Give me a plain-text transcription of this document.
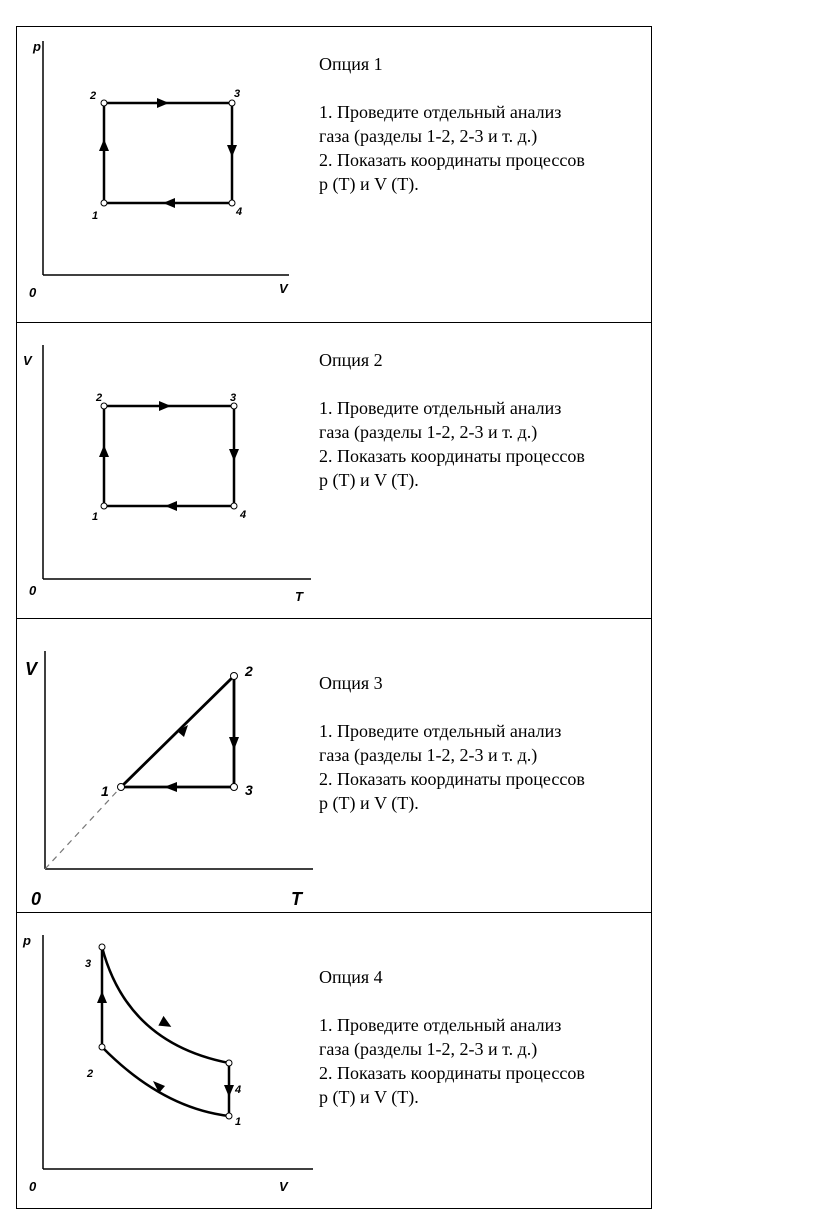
p
V
0
1
2	3
4

Опция 1

1. Проведите отдельный анализ

газа (разделы 1-2, 2-3 и т. д.)

2. Показать координаты процессов

p (T) и V (T).

V
T
0
1
2	3
4

Опция 2

1. Проведите отдельный анализ

газа (разделы 1-2, 2-3 и т. д.)

2. Показать координаты процессов

p (T) и V (T).

V
T
0
1
2
3

Опция 3

1. Проведите отдельный анализ

газа (разделы 1-2, 2-3 и т. д.)

2. Показать координаты процессов

p (T) и V (T).

p
V
0
1
2
3
4

Опция 4

1. Проведите отдельный анализ

газа (разделы 1-2, 2-3 и т. д.)

2. Показать координаты процессов

p (T) и V (T).
